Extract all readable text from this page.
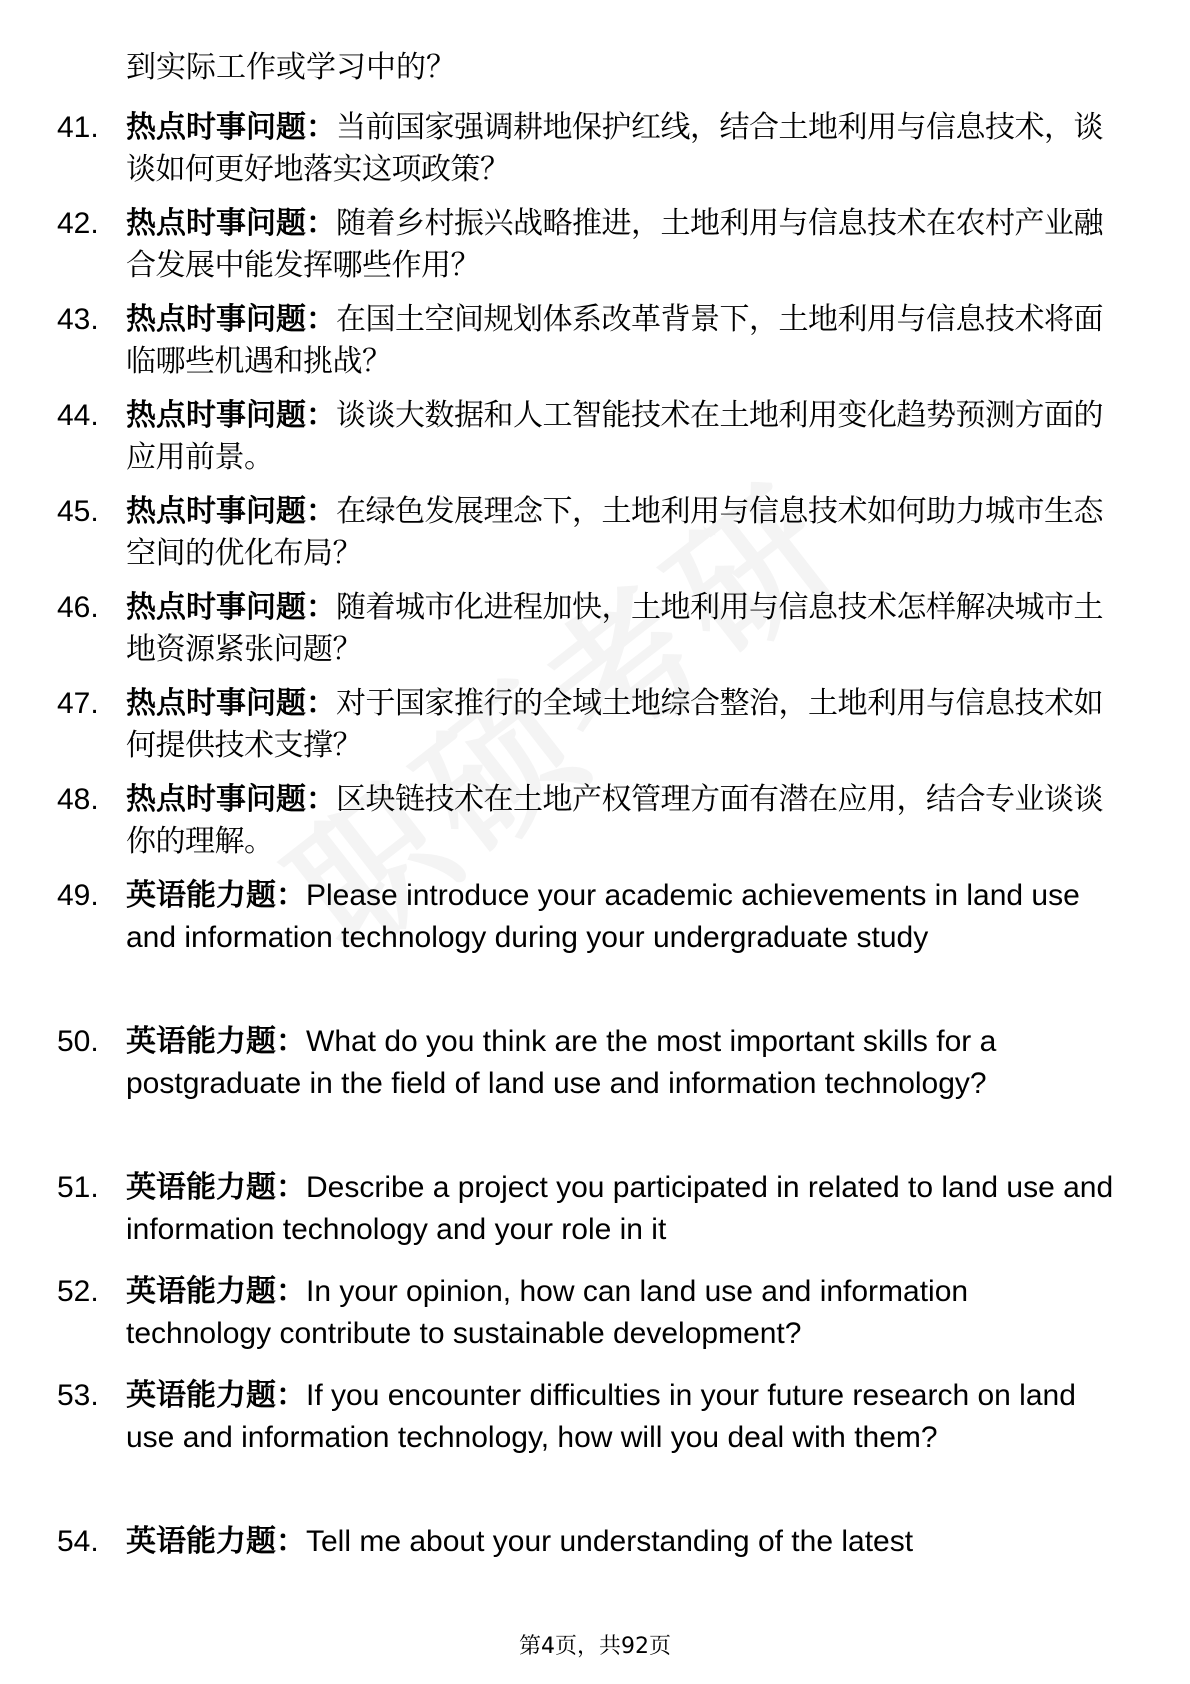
到实际工作或学习中的？
41. 热点时事问题：当前国家强调耕地保护红线，结合土地利用与信息技术，谈谈如何更好地落实这项政策？
42. 热点时事问题：随着乡村振兴战略推进，土地利用与信息技术在农村产业融合发展中能发挥哪些作用？
43. 热点时事问题：在国土空间规划体系改革背景下，土地利用与信息技术将面临哪些机遇和挑战？
44. 热点时事问题：谈谈大数据和人工智能技术在土地利用变化趋势预测方面的应用前景。
45. 热点时事问题：在绿色发展理念下，土地利用与信息技术如何助力城市生态空间的优化布局？
46. 热点时事问题：随着城市化进程加快，土地利用与信息技术怎样解决城市土地资源紧张问题？
47. 热点时事问题：对于国家推行的全域土地综合整治，土地利用与信息技术如何提供技术支撑？
48. 热点时事问题：区块链技术在土地产权管理方面有潜在应用，结合专业谈谈你的理解。
49. 英语能力题：Please introduce your academic achievements in land use and information technology during your undergraduate study
50. 英语能力题：What do you think are the most important skills for a postgraduate in the field of land use and information technology?
51. 英语能力题：Describe a project you participated in related to land use and information technology and your role in it
52. 英语能力题：In your opinion, how can land use and information technology contribute to sustainable development?
53. 英语能力题：If you encounter difficulties in your future research on land use and information technology, how will you deal with them?
54. 英语能力题：Tell me about your understanding of the latest
第4页，共92页
